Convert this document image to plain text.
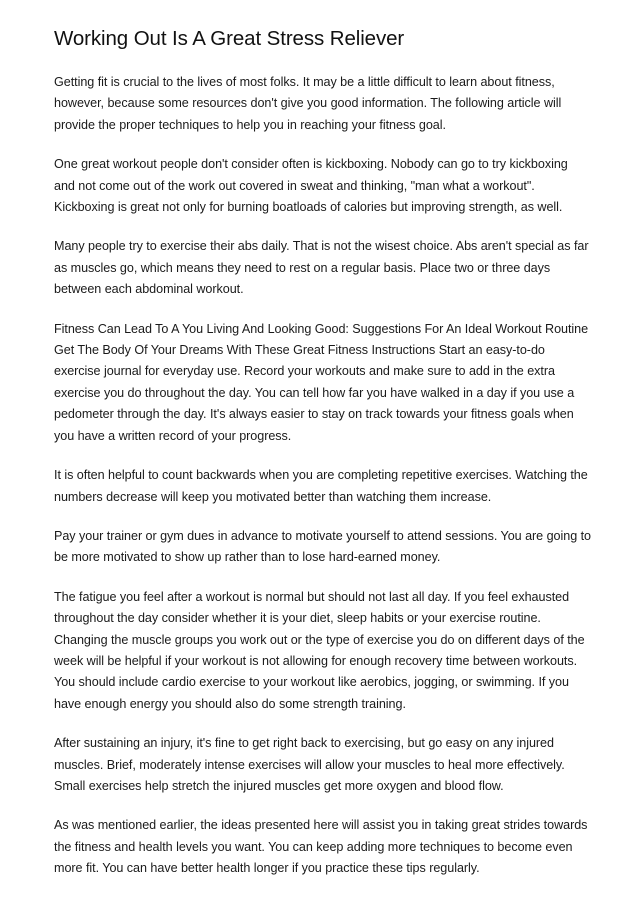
Working Out Is A Great Stress Reliever

Getting fit is crucial to the lives of most folks. It may be a little difficult to learn about fitness, however, because some resources don't give you good information. The following article will provide the proper techniques to help you in reaching your fitness goal.

One great workout people don't consider often is kickboxing. Nobody can go to try kickboxing and not come out of the work out covered in sweat and thinking, "man what a workout". Kickboxing is great not only for burning boatloads of calories but improving strength, as well.

Many people try to exercise their abs daily. That is not the wisest choice. Abs aren't special as far as muscles go, which means they need to rest on a regular basis. Place two or three days between each abdominal workout.

Fitness Can Lead To A You Living And Looking Good: Suggestions For An Ideal Workout Routine Get The Body Of Your Dreams With These Great Fitness Instructions Start an easy-to-do exercise journal for everyday use. Record your workouts and make sure to add in the extra exercise you do throughout the day. You can tell how far you have walked in a day if you use a pedometer through the day. It's always easier to stay on track towards your fitness goals when you have a written record of your progress.

It is often helpful to count backwards when you are completing repetitive exercises. Watching the numbers decrease will keep you motivated better than watching them increase.

Pay your trainer or gym dues in advance to motivate yourself to attend sessions. You are going to be more motivated to show up rather than to lose hard-earned money.

The fatigue you feel after a workout is normal but should not last all day. If you feel exhausted throughout the day consider whether it is your diet, sleep habits or your exercise routine. Changing the muscle groups you work out or the type of exercise you do on different days of the week will be helpful if your workout is not allowing for enough recovery time between workouts. You should include cardio exercise to your workout like aerobics, jogging, or swimming. If you have enough energy you should also do some strength training.

After sustaining an injury, it's fine to get right back to exercising, but go easy on any injured muscles. Brief, moderately intense exercises will allow your muscles to heal more effectively. Small exercises help stretch the injured muscles get more oxygen and blood flow.

As was mentioned earlier, the ideas presented here will assist you in taking great strides towards the fitness and health levels you want. You can keep adding more techniques to become even more fit. You can have better health longer if you practice these tips regularly.
